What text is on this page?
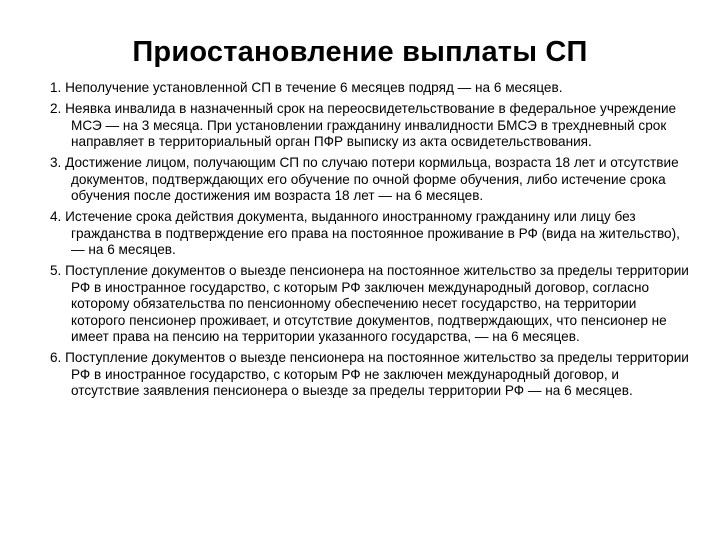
Приостановление выплаты СП
1. Неполучение установленной СП в течение 6 месяцев подряд — на 6 месяцев.
2. Неявка инвалида в назначенный срок на переосвидетельствование в федеральное учреждение МСЭ — на 3 месяца. При установлении гражданину инвалидности БМСЭ в трехдневный срок направляет в территориальный орган ПФР выписку из акта освидетельствования.
3. Достижение лицом, получающим СП по случаю потери кормильца, возраста 18 лет и отсутствие документов, подтверждающих его обучение по очной форме обучения, либо истечение срока обучения после достижения им возраста 18 лет — на 6 месяцев.
4. Истечение срока действия документа, выданного иностранному гражданину или лицу без гражданства в подтверждение его права на постоянное проживание в РФ (вида на жительство), — на 6 месяцев.
5. Поступление документов о выезде пенсионера на постоянное жительство за пределы территории РФ в иностранное государство, с которым РФ заключен международный договор, согласно которому обязательства по пенсионному обеспечению несет государство, на территории которого пенсионер проживает, и отсутствие документов, подтверждающих, что пенсионер не имеет права на пенсию на территории указанного государства, — на 6 месяцев.
6. Поступление документов о выезде пенсионера на постоянное жительство за пределы территории РФ в иностранное государство, с которым РФ не заключен международный договор, и отсутствие заявления пенсионера о выезде за пределы территории РФ — на 6 месяцев.
